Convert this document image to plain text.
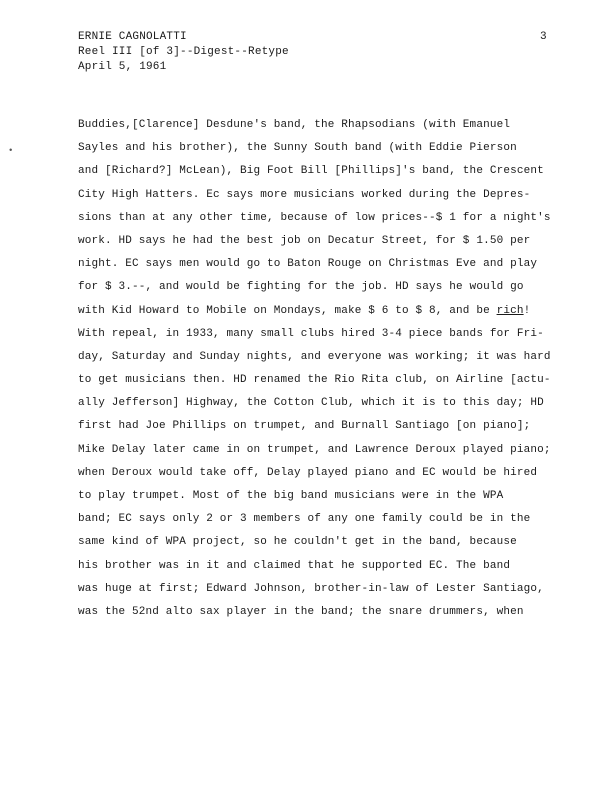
ERNIE CAGNOLATTI
Reel III [of 3]--Digest--Retype
April 5, 1961
3
•
Buddies,[Clarence] Desdune's band, the Rhapsodians (with Emanuel
Sayles and his brother), the Sunny South band (with Eddie Pierson
and [Richard?] McLean), Big Foot Bill [Phillips]'s band, the Crescent
City High Hatters. Ec says more musicians worked during the Depres-
sions than at any other time, because of low prices--$ 1 for a night's
work. HD says he had the best job on Decatur Street, for $ 1.50 per
night. EC says men would go to Baton Rouge on Christmas Eve and play
for $ 3.--, and would be fighting for the job. HD says he would go
with Kid Howard to Mobile on Mondays, make $ 6 to $ 8, and be rich!
With repeal, in 1933, many small clubs hired 3-4 piece bands for Fri-
day, Saturday and Sunday nights, and everyone was working; it was hard
to get musicians then. HD renamed the Rio Rita club, on Airline [actu-
ally Jefferson] Highway, the Cotton Club, which it is to this day; HD
first had Joe Phillips on trumpet, and Burnall Santiago [on piano];
Mike Delay later came in on trumpet, and Lawrence Deroux played piano;
when Deroux would take off, Delay played piano and EC would be hired
to play trumpet. Most of the big band musicians were in the WPA
band; EC says only 2 or 3 members of any one family could be in the
same kind of WPA project, so he couldn't get in the band, because
his brother was in it and claimed that he supported EC. The band
was huge at first; Edward Johnson, brother-in-law of Lester Santiago,
was the 52nd alto sax player in the band; the snare drummers, when
